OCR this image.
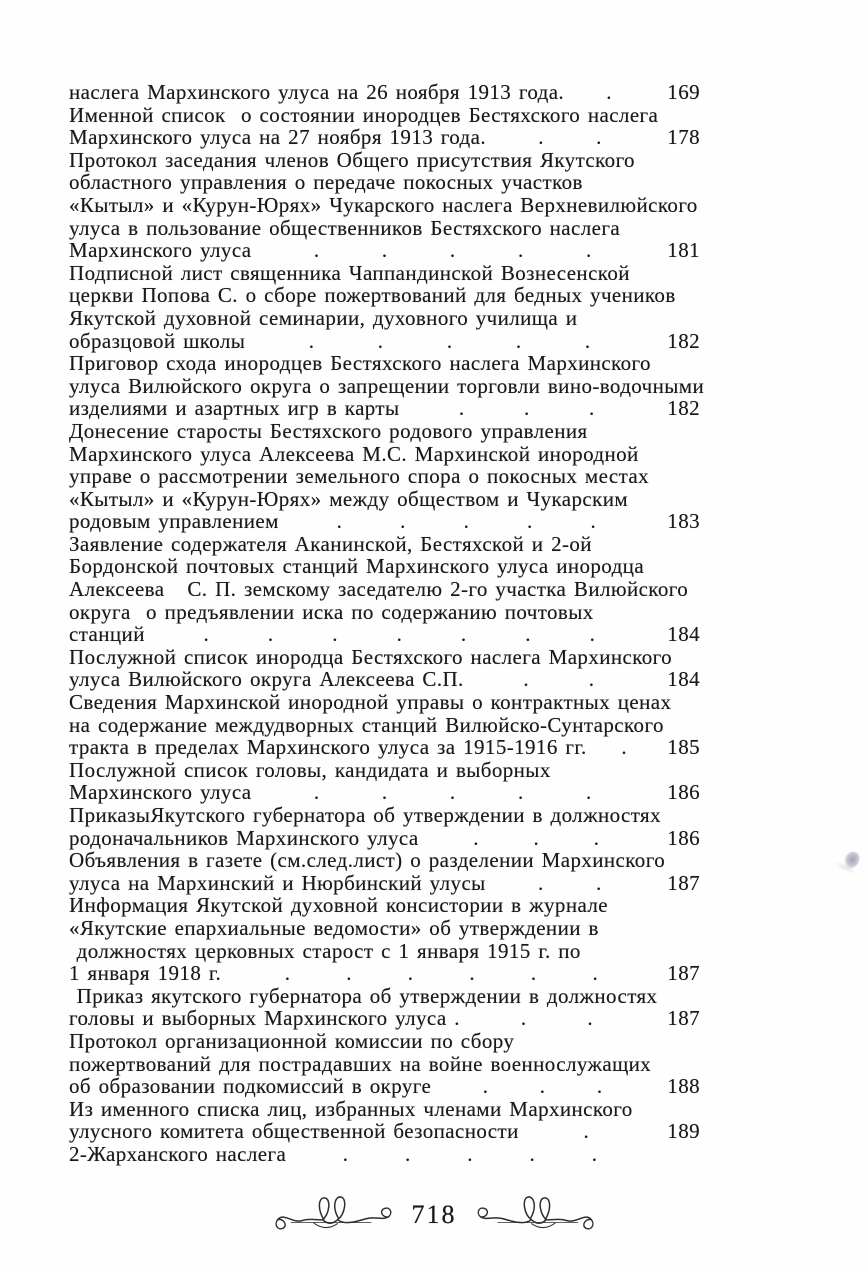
наслега Мархинского улуса на 26 ноября 1913 года. .	169
Именной список  о состоянии инородцев Бестяхского наслега
Мархинского улуса на 27 ноября 1913 года. . .	178
Протокол заседания членов Общего присутствия Якутского
областного управления о передаче покосных участков
«Кытыл» и «Курун-Юрях» Чукарского наслега Верхневилюйского
улуса в пользование общественников Бестяхского наслега
Мархинского улуса	.	.	.	.	.	181
Подписной лист священника Чаппандинской Вознесенской
церкви Попова С. о сборе пожертвований для бедных учеников
Якутской духовной семинарии, духовного училища и
образцовой школы	.	.	.	.	.	182
Приговор схода инородцев Бестяхского наслега Мархинского
улуса Вилюйского округа о запрещении торговли вино-водочными
изделиями и азартных игр в карты	.	.	.	182
Донесение старосты Бестяхского родового управления
Мархинского улуса Алексеева М.С. Мархинской инородной
управе о рассмотрении земельного спора о покосных местах
«Кытыл» и «Курун-Юрях» между обществом и Чукарским
родовым управлением	.	.	.	.	.	183
Заявление содержателя Аканинской, Бестяхской и 2-ой
Бордонской почтовых станций Мархинского улуса инородца
Алексеева   С. П. земскому заседателю 2-го участка Вилюйского
округа  о предъявлении иска по содержанию почтовых
станций	.	.	.	.	.	.	.	184
Послужной список инородца Бестяхского наслега Мархинского
улуса Вилюйского округа Алексеева С.П.	.	.	184
Сведения Мархинской инородной управы о контрактных ценах
на содержание междудворных станций Вилюйско-Сунтарского
тракта в пределах Мархинского улуса за 1915-1916 гг. .	185
Послужной список головы, кандидата и выборных
Мархинского улуса	.	.	.	.	.	186
ПриказыЯкутского губернатора об утверждении в должностях
родоначальников Мархинского улуса	.	.	.	186
Объявления в газете (см.след.лист) о разделении Мархинского
улуса на Мархинский и Нюрбинский улусы . .	187
Информация Якутской духовной консистории в журнале
«Якутские епархиальные ведомости» об утверждении в
должностях церковных старост с 1 января 1915 г. по
1 января 1918 г.	.	.	.	.	.	.	187
Приказ якутского губернатора об утверждении в должностях
головы и выборных Мархинского улуса .	.	.	187
Протокол организационной комиссии по сбору
пожертвований для пострадавших на войне военнослужащих
об образовании подкомиссий в округе . . .	188
Из именного списка лиц, избранных членами Мархинского
улусного комитета общественной безопасности	.	189
2-Жарханского наслега	.	.	.	.	.
718
